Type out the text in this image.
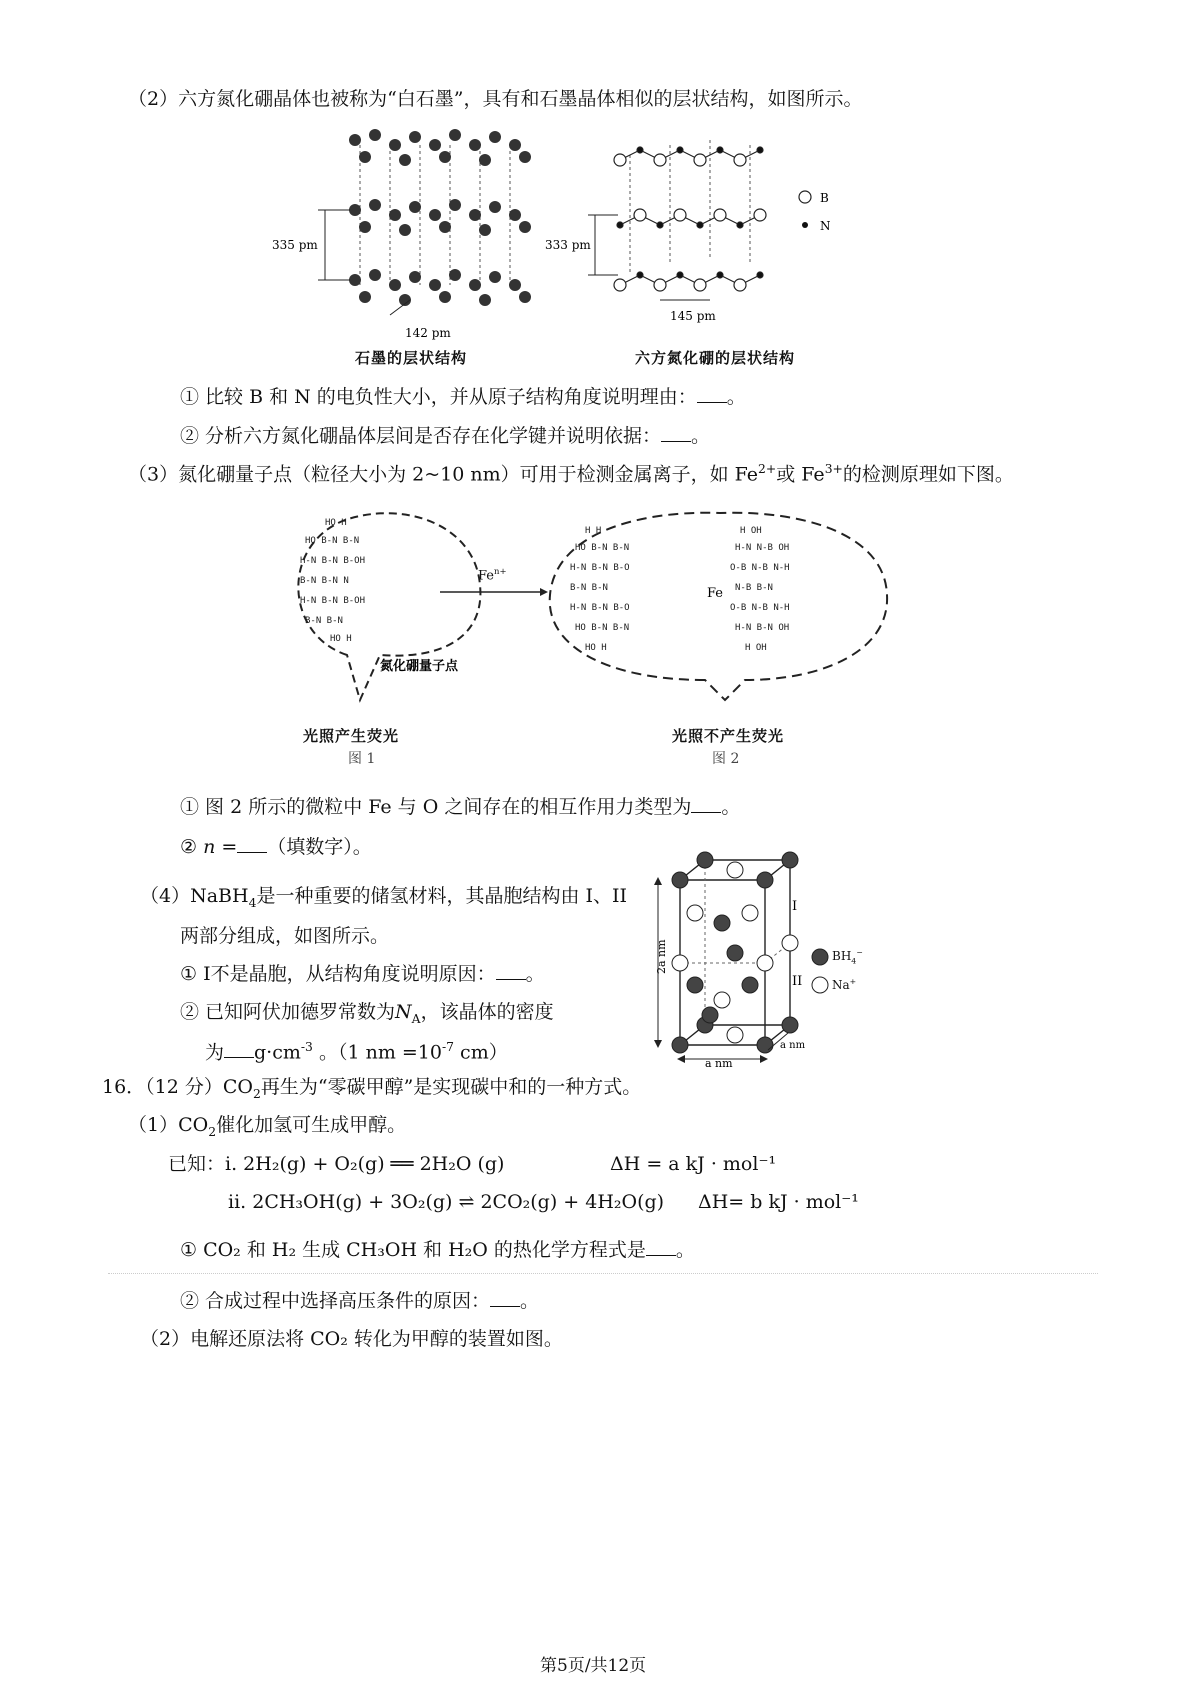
（2）六方氮化硼晶体也被称为“白石墨”，具有和石墨晶体相似的层状结构，如图所示。
335 pm
142 pm
石墨的层状结构
333 pm
145 pm
B
N
六方氮化硼的层状结构
① 比较 B 和 N 的电负性大小，并从原子结构角度说明理由： 。
② 分析六方氮化硼晶体层间是否存在化学键并说明依据： 。
（3）氮化硼量子点（粒径大小为 2~10 nm）可用于检测金属离子，如 $Fe^{2+}$或 $Fe^{3+}$的检测原理如下图。
HO H
HO B-N B-N
H-N B-N B-OH
B-N B-N N
H-N B-N B-OH
B-N B-N
HO H
氮化硼量子点
光照产生荧光
图 1
$Fe^{n+}$
H H
HO B-N B-N
H-N B-N B-O
B-N B-N
H-N B-N B-O
HO B-N B-N
HO H
H OH
H-N N-B OH
O-B N-B N-H
N-B B-N
O-B N-B N-H
H-N B-N OH
H OH
Fe
光照不产生荧光
图 2
① 图 2 所示的微粒中 Fe 与 O 之间存在的相互作用力类型为 。
② n = （填数字）。
（4）NaBH$_4$是一种重要的储氢材料，其晶胞结构由 I、II
两部分组成，如图所示。
① I不是晶胞，从结构角度说明原因： 。
② 已知阿伏加德罗常数为$N_A$，该晶体的密度
为 $g\cdot cm^{-3}$ 。（1 nm $=10^{-7}$ cm）
I
II
2a nm
a nm
a nm
$BH_4^-$
Na+
16．（12 分）$CO_2$再生为“零碳甲醇”是实现碳中和的一种方式。
$(1)CO_2$催化加氢可生成甲醇。
已知：i. 2H₂(g) + O₂(g) ══ 2H₂O (g)	ΔH = a kJ · mol⁻¹
ii. 2CH₃OH(g) + 3O₂(g) ⇌ 2CO₂(g) + 4H₂O(g) ΔH= b kJ · mol⁻¹
① CO₂ 和 H₂ 生成 CH₃OH 和 H₂O 的热化学方程式是 。
② 合成过程中选择高压条件的原因： 。
（2）电解还原法将 CO₂ 转化为甲醇的装置如图。
第5页/共12页
